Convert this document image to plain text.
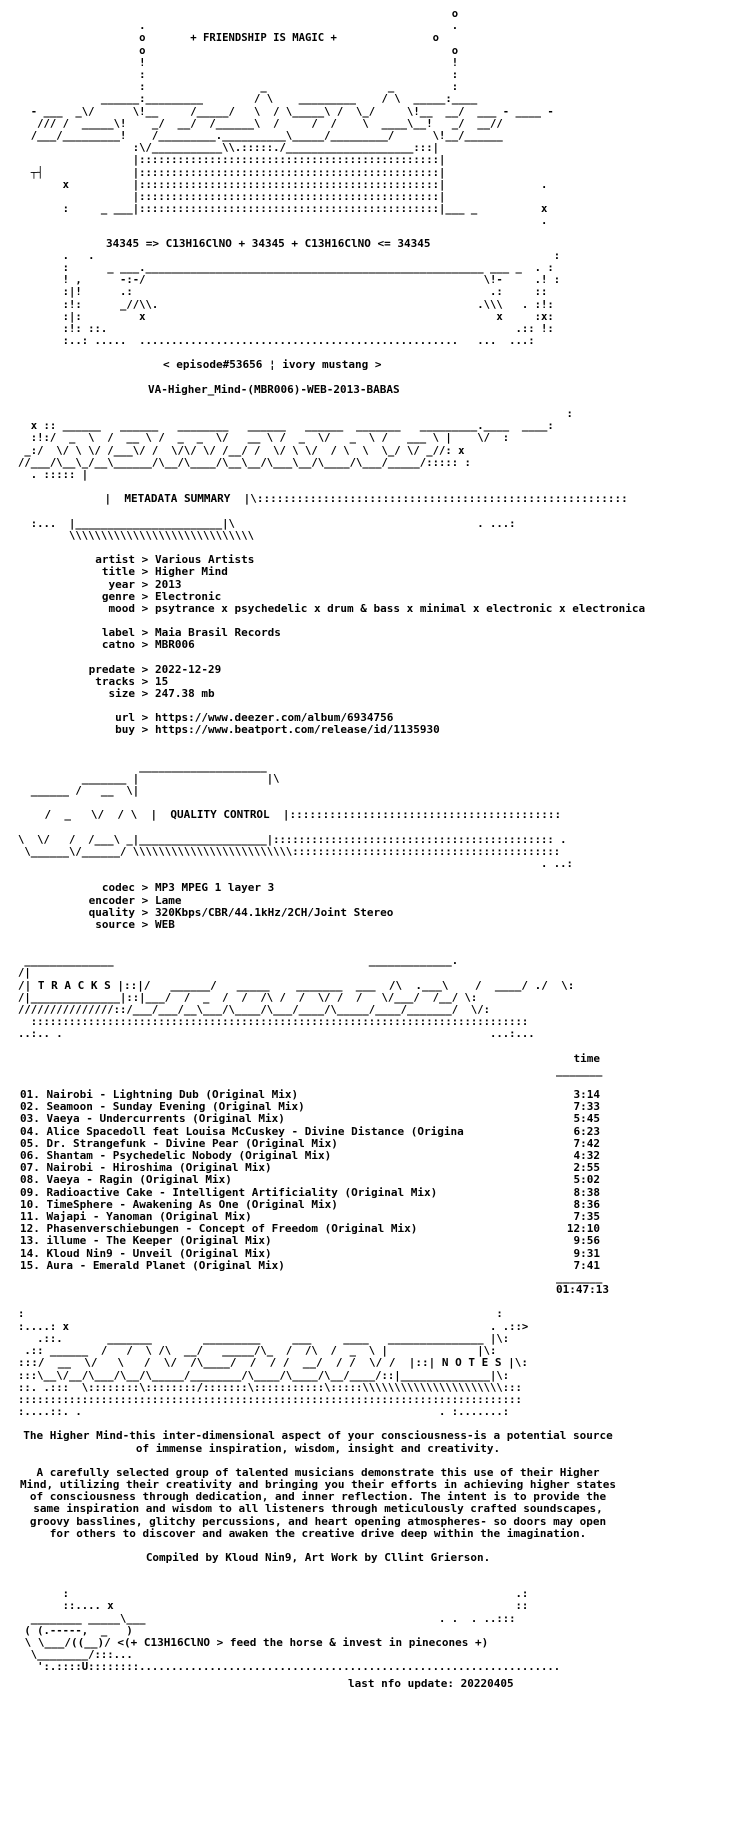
o
.                                                .
o	+ FRIENDSHIP IS MAGIC +	o
o                                                o
!                                                !
:                                                :
:                  _                   _         :
______:_________        / \    _________    / \  _____:____
- ___  _\/      \!__     /_____/   \  / \_____\ /  \_/     \!__  __/  ___ - ____ -
/// /  _____\!    _/  __/  /______\  /     /  /    \  ____\__!   _/  __//
/___/_________!    /_________.__________\_____/_________/      \!__/______
:\/___________\\.:::::./____________________:::|
|:::::::::::::::::::::::::::::::::::::::::::::::|
┬┤              |:::::::::::::::::::::::::::::::::::::::::::::::|
x          |:::::::::::::::::::::::::::::::::::::::::::::::|               .
|:::::::::::::::::::::::::::::::::::::::::::::::|
:     _ ___|:::::::::::::::::::::::::::::::::::::::::::::::|___ _          x
.
34345 => C13H16ClNO + 34345 + C13H16ClNO <= 34345
.   .                                                                        :
:      _ ___._____________________________________________________ ___ _  . :
! ,      -:-/                                                     \!-     .! :
:|!      .:                                                        .:     ::
:!:      _//\\.                                                  .\\\   . :!:
:|:         x                                                       x     :x:
:!: ::.                                                                .:: !:
:..: .....  ..................................................   ...  ...:
< episode#53656 ¦ ivory mustang >
VA-Higher_Mind-(MBR006)-WEB-2013-BABAS
:
x :: ______   ______   ________   ______   ______  _______   _________.____  ____:
:!:/  _  \  /  __ \ /  _  _  \/   __ \ /  _  \/   _  \ /   ___ \ |    \/  :
_:/  \/ \ \/ /___\/ /  \/\/ \/ /__/ /  \/ \ \/  / \  \  \_/ \/ _//: x
//___/\__\_/__\______/\__/\____/\__\__/\___\__/\____/\___/_____/::::: :
. ::::: |

|  METADATA SUMMARY  |\::::::::::::::::::::::::::::::::::::::::::::::::::::::::

:...  |_______________________|\                                      . ...:
\\\\\\\\\\\\\\\\\\\\\\\\\\\\\
artist > Various Artists
title > Higher Mind
year > 2013
genre > Electronic
mood > psytrance x psychedelic x drum & bass x minimal x electronic x electronica
label > Maia Brasil Records
catno > MBR006
predate > 2022-12-29
tracks > 15
size > 247.38 mb
url > https://www.deezer.com/album/6934756
buy > https://www.beatport.com/release/id/1135930
____________________
_______ |                    |\
______ /   __  \|

/  _   \/  / \  |  QUALITY CONTROL  |:::::::::::::::::::::::::::::::::::::::::

\  \/   /  /___\ _|____________________|:::::::::::::::::::::::::::::::::::::::::::: .
\______\/______/ \\\\\\\\\\\\\\\\\\\\\\\\\::::::::::::::::::::::::::::::::::::::::::
. ..:
codec > MP3 MPEG 1 layer 3
encoder > Lame
quality > 320Kbps/CBR/44.1kHz/2CH/Joint Stereo
source > WEB
______________                                        _____________.
/|
/| T R A C K S |::|/   ______/   _____    _______  ___  /\  .___\    /  ____/ ./  \:
/|______________|::|___/  /  _  /  /  /\ /  /  \/ /  /   \/___/  /__/ \:
///////////////::/___/___/__\___/\____/\___/____/\_____/____/_______/  \/:
::::::::::::::::::::::::::::::::::::::::::::::::::::::::::::::::::::::::::::::
..:.. .                                                                   ...:...
time
_______
01. Nairobi - Lightning Dub (Original Mix)	3:14
02. Seamoon - Sunday Evening (Original Mix)	7:33
03. Vaeya - Undercurrents (Original Mix)	5:45
04. Alice Spacedoll feat Louisa McCuskey - Divine Distance (Origina	6:23
05. Dr. Strangefunk - Divine Pear (Original Mix)	7:42
06. Shantam - Psychedelic Nobody (Original Mix)	4:32
07. Nairobi - Hiroshima (Original Mix)	2:55
08. Vaeya - Ragin (Original Mix)	5:02
09. Radioactive Cake - Intelligent Artificiality (Original Mix)	8:38
10. TimeSphere - Awakening As One (Original Mix)	8:36
11. Wajapi - Yanoman (Original Mix)	7:35
12. Phasenverschiebungen - Concept of Freedom (Original Mix)	12:10
13. illume - The Keeper (Original Mix)	9:56
14. Kloud Nin9 - Unveil (Original Mix)	9:31
15. Aura - Emerald Planet (Original Mix)	7:41
_______
01:47:13
:                                                                          :
:....: x                                                                  . .::>
.::.       _______        _________     ___     ____   _______________ |\:
.:: ______  /   /  \ /\  __/   _____/\_  /  /\  /  _  \ |              |\:
:::/  __  \/   \   /  \/  /\____/  /  / /  __/  / /  \/ /  |::| N O T E S |\:
:::\__\/__/\___/\__/\_____/________/\____/\____/\__/____/::|______________|\:
::. .:::  \::::::::\::::::::/:::::::\:::::::::::\:::::\\\\\\\\\\\\\\\\\\\\\\:::
:::::::::::::::::::::::::::::::::::::::::::::::::::::::::::::::::::::::::::::::
:....::. .                                                        . :.......:

The Higher Mind-this inter-dimensional aspect of your consciousness-is a potential source of immense inspiration, wisdom, insight and creativity.

A carefully selected group of talented musicians demonstrate this use of their Higher Mind, utilizing their creativity and bringing you their efforts in achieving higher states of consciousness through dedication, and inner reflection. The intent is to provide the same inspiration and wisdom to all listeners through meticulously crafted soundscapes, groovy basslines, glitchy percussions, and heart opening atmospheres- so doors may open for others to discover and awaken the creative drive deep within the imagination.

Compiled by Kloud Nin9, Art Work by Cllint Grierson.

:                                                                      .:
::.... x                                                               ::
________ _____\___                                              . .  . ..:::
( (.-----,  _   )
\ \___/((__)/ <(+ C13H16ClNO > feed the horse & invest in pinecones +)
\________/:::...
':.::::U::::::::..................................................................
last nfo update: 20220405
